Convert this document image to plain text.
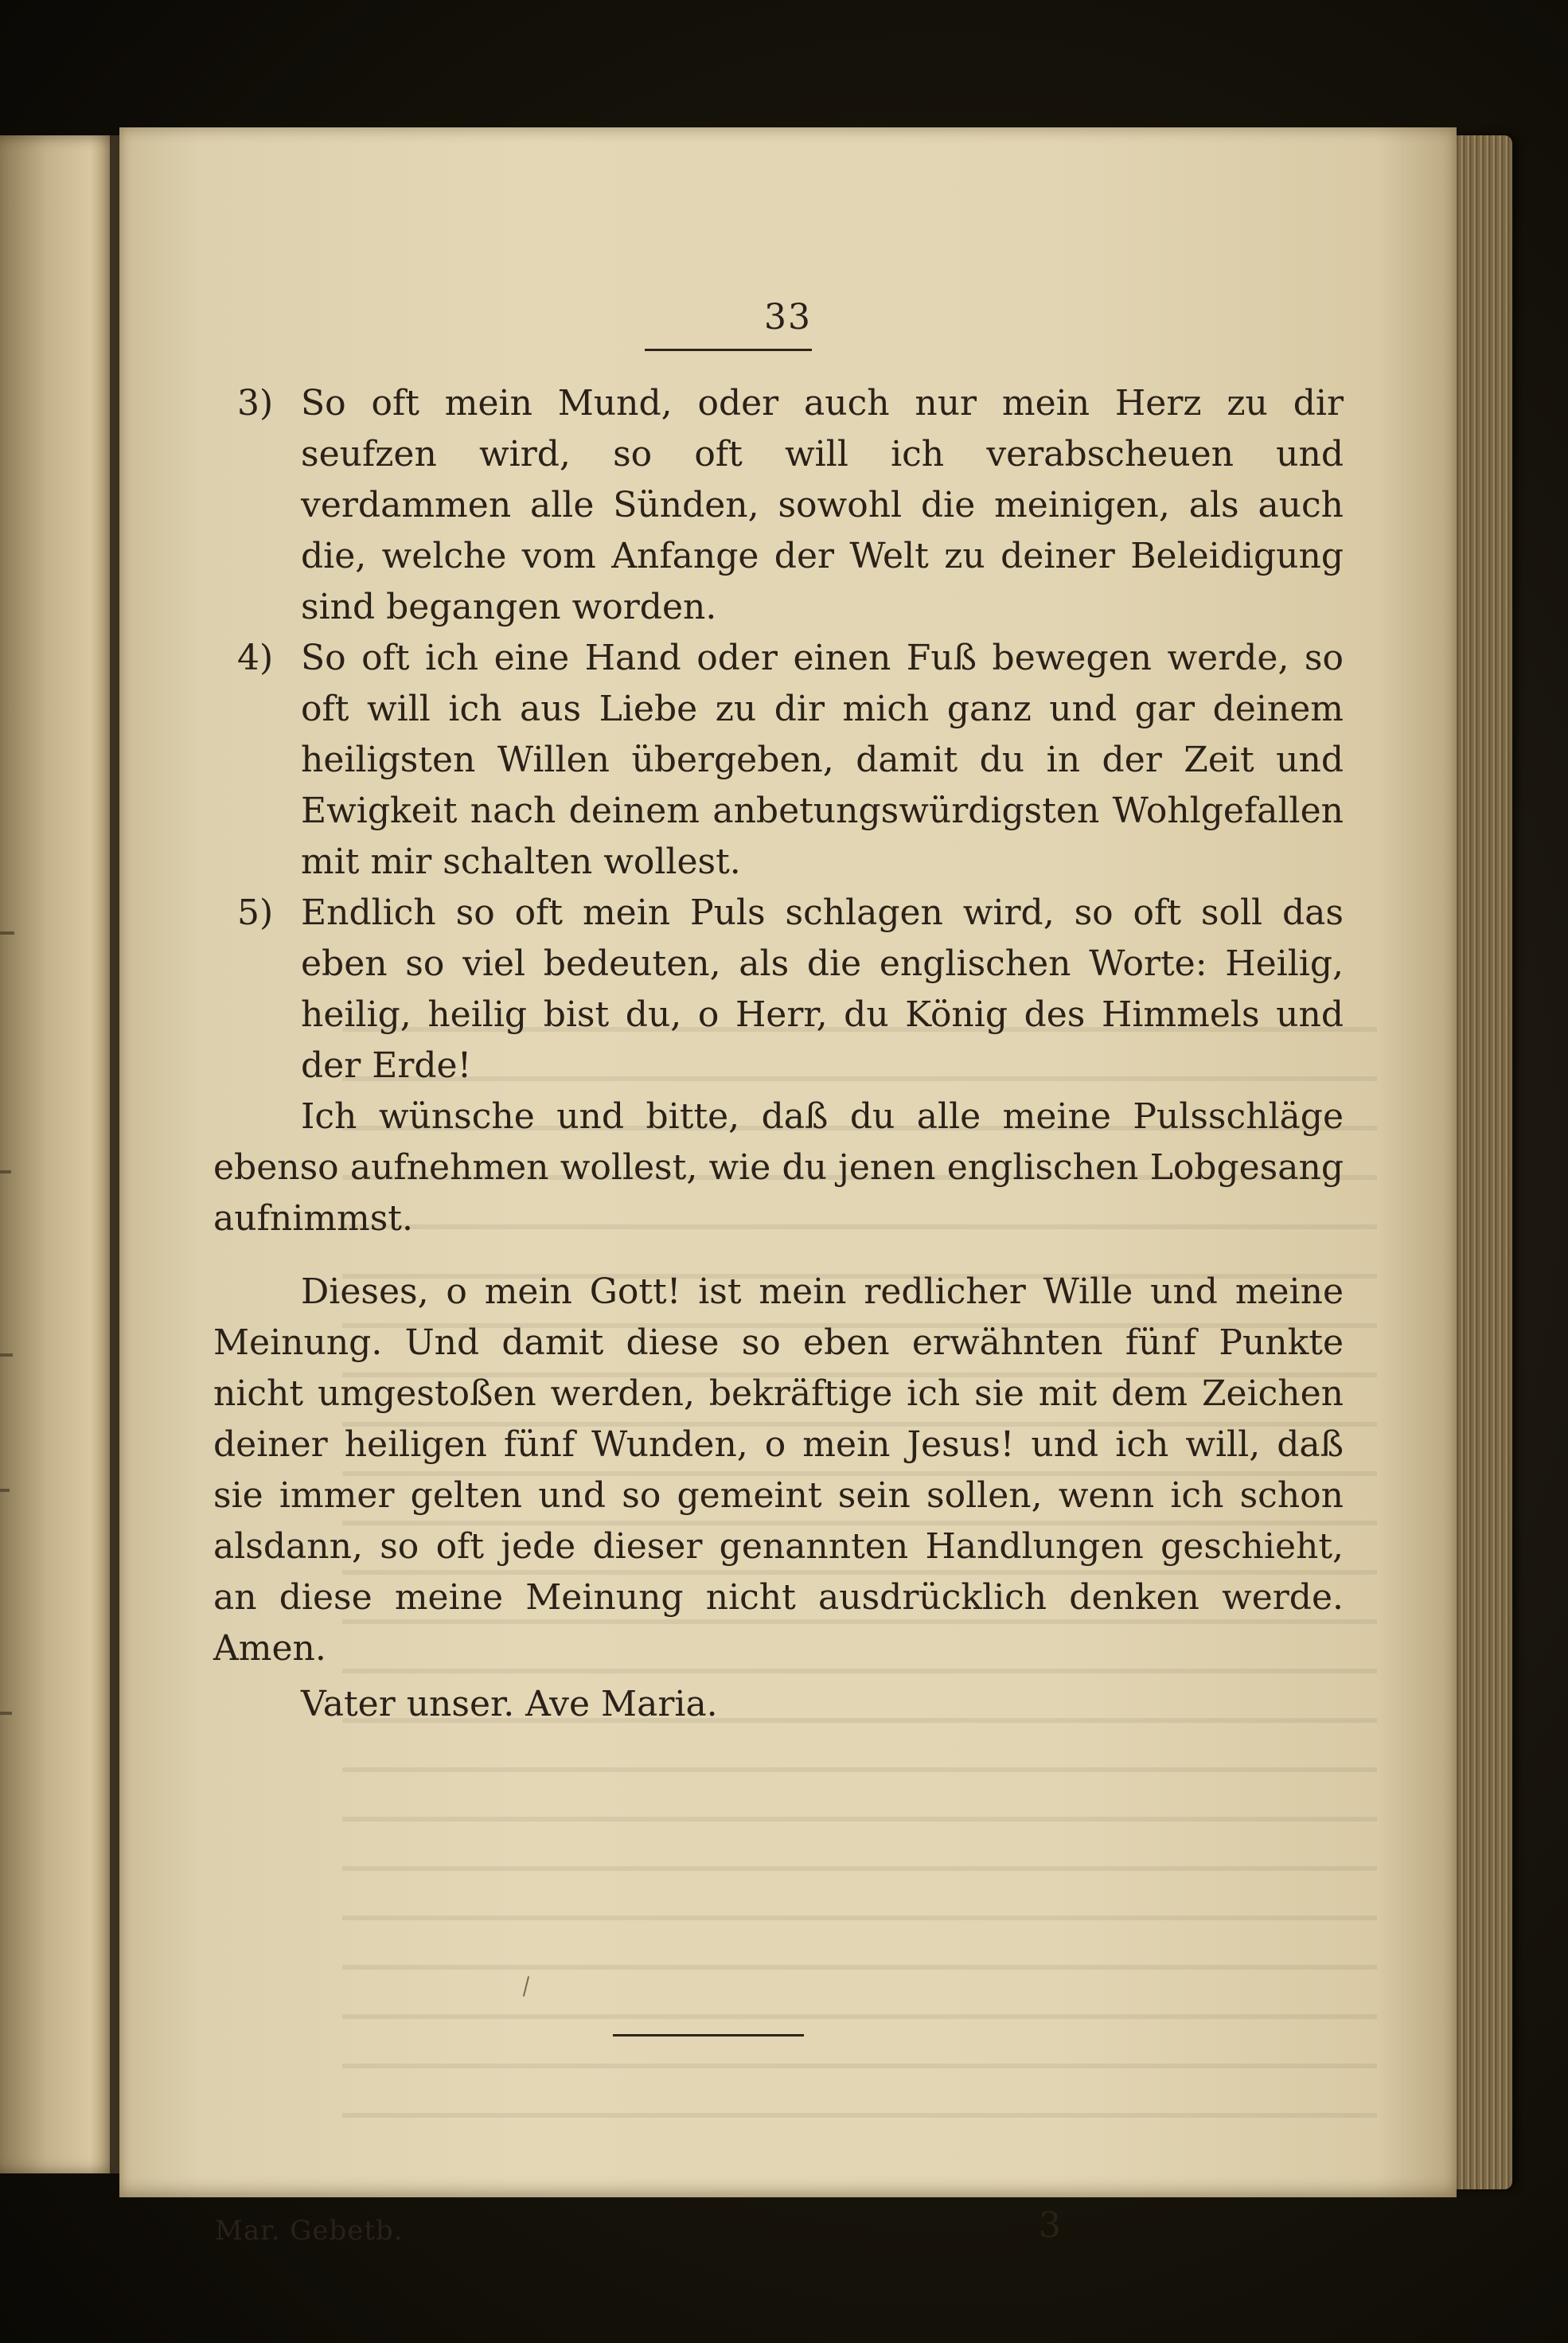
33

3) So oft mein Mund, oder auch nur mein Herz zu dir seufzen wird, so oft will ich verabscheuen und verdammen alle Sünden, sowohl die meinigen, als auch die, welche vom Anfange der Welt zu deiner Beleidigung sind begangen worden.

4) So oft ich eine Hand oder einen Fuß bewegen werde, so oft will ich aus Liebe zu dir mich ganz und gar deinem heiligsten Willen übergeben, damit du in der Zeit und Ewigkeit nach deinem anbetungswürdigsten Wohlgefallen mit mir schalten wollest.

5) Endlich so oft mein Puls schlagen wird, so oft soll das eben so viel bedeuten, als die englischen Worte: Heilig, heilig, heilig bist du, o Herr, du König des Himmels und der Erde!

Ich wünsche und bitte, daß du alle meine Pulsschläge ebenso aufnehmen wollest, wie du jenen englischen Lobgesang aufnimmst.

Dieses, o mein Gott! ist mein redlicher Wille und meine Meinung. Und damit diese so eben erwähnten fünf Punkte nicht umgestoßen werden, bekräftige ich sie mit dem Zeichen deiner heiligen fünf Wunden, o mein Jesus! und ich will, daß sie immer gelten und so gemeint sein sollen, wenn ich schon alsdann, so oft jede dieser genannten Handlungen geschieht, an diese meine Meinung nicht ausdrücklich denken werde. Amen.

Vater unser. Ave Maria.

Mar. Gebetb.	3
